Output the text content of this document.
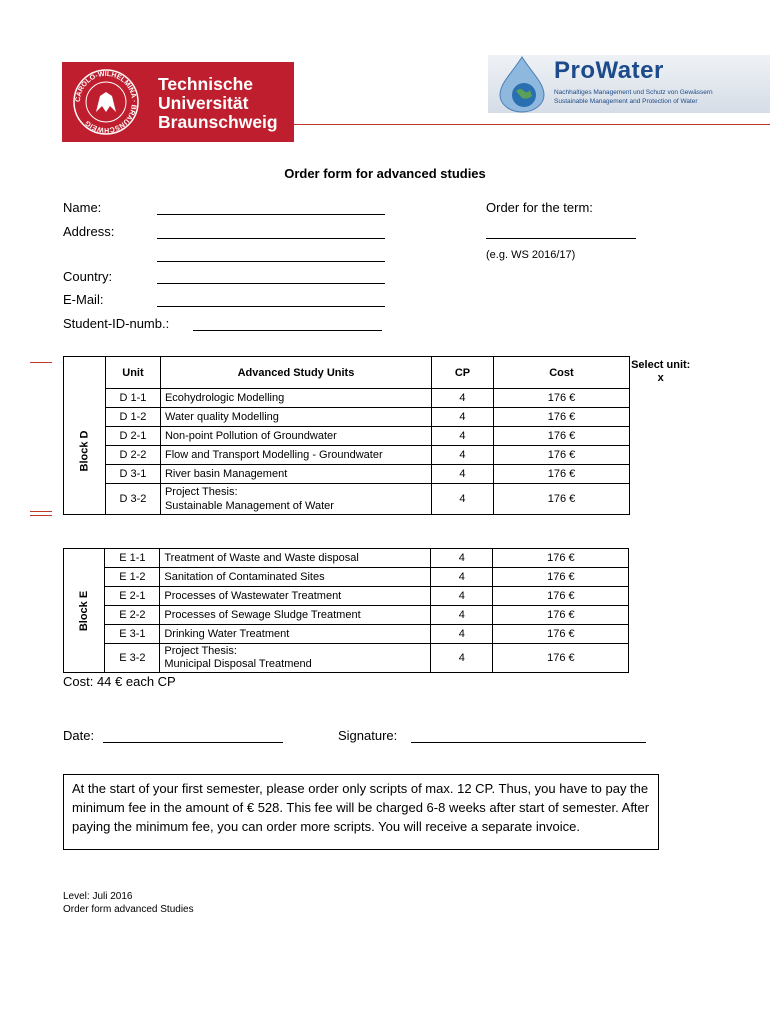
CAROLO-WILHELMINA · BRAUNSCHWEIG
Technische
Universität
Braunschweig
ProWater
Nachhaltiges Management und Schutz von Gewässern
Sustainable Management and Protection of Water
Order form for advanced studies
Name:
Address:
Country:
E-Mail:
Student-ID-numb.:
Order for the term:
(e.g. WS 2016/17)
	Unit	Advanced Study Units	CP	Cost	Select unit: x
Block D	D 1-1	Ecohydrologic Modelling	4	176 €	
	D 1-2	Water quality Modelling	4	176 €	
	D 2-1	Non-point Pollution of Groundwater	4	176 €	
	D 2-2	Flow and Transport Modelling - Groundwater	4	176 €	
	D 3-1	River basin Management	4	176 €	
	D 3-2	Project Thesis:
Sustainable Management of Water	4	176 €	
Block E	E 1-1	Treatment of Waste and Waste disposal	4	176 €	
	E 1-2	Sanitation of Contaminated Sites	4	176 €	
	E 2-1	Processes of Wastewater Treatment	4	176 €	
	E 2-2	Processes of Sewage Sludge Treatment	4	176 €	
	E 3-1	Drinking Water Treatment	4	176 €	
	E 3-2	Project Thesis:
Municipal Disposal Treatmend	4	176 €	
Cost: 44 € each CP
Date:	Signature:
At the start of your first semester, please order only scripts of max. 12 CP. Thus, you have to pay the minimum fee in the amount of € 528. This fee will be charged 6-8 weeks after start of semester. After paying the minimum fee, you can order more scripts. You will receive a separate invoice.
Level: Juli 2016
Order form advanced Studies
